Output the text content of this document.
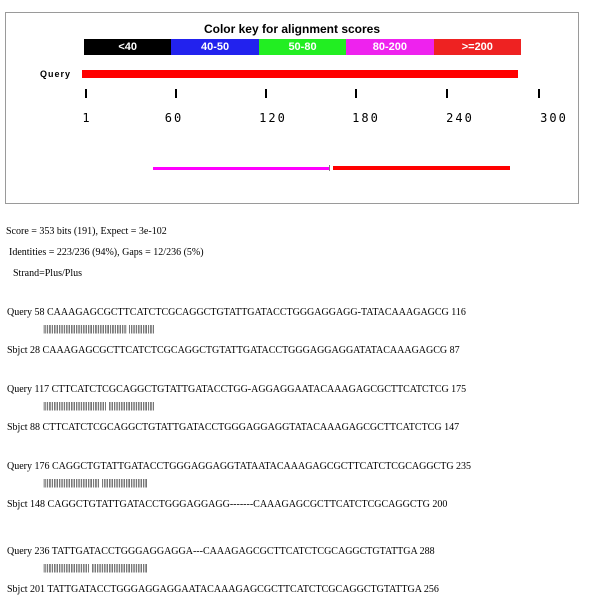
Color key for alignment scores
<40	40-50	50-80	80-200	>=200
Query
1	60	120	180	240	300
Score = 353 bits (191), Expect = 3e-102
Identities = 223/236 (94%), Gaps = 12/236 (5%)
Strand=Plus/Plus
Query 58 CAAAGAGCGCTTCATCTCGCAGGCTGTATTGATACCTGGGAGGAGG-TATACAAAGAGCG 116
||||||||||||||||||||||||||||||||||||||||||||||||| |||||||||||||||
Sbjct 28 CAAAGAGCGCTTCATCTCGCAGGCTGTATTGATACCTGGGAGGAGGATATACAAAGAGCG 87
Query 117 CTTCATCTCGCAGGCTGTATTGATACCTGG-AGGAGGAATACAAAGAGCGCTTCATCTCG 175
||||||||||||||||||||||||||||||||||||| |||||||||||||||||||||||||||
Sbjct 88 CTTCATCTCGCAGGCTGTATTGATACCTGGGAGGAGGTATACAAAGAGCGCTTCATCTCG 147
Query 176 CAGGCTGTATTGATACCTGGGAGGAGGTATAATACAAAGAGCGCTTCATCTCGCAGGCTG 235
||||||||||||||||||||||||||||||||| |||||||||||||||||||||||||||
Sbjct 148 CAGGCTGTATTGATACCTGGGAGGAGG-------CAAAGAGCGCTTCATCTCGCAGGCTG 200
Query 236 TATTGATACCTGGGAGGAGGA---CAAAGAGCGCTTCATCTCGCAGGCTGTATTGA 288
||||||||||||||||||||||||||| |||||||||||||||||||||||||||||||||
Sbjct 201 TATTGATACCTGGGAGGAGGAATACAAAGAGCGCTTCATCTCGCAGGCTGTATTGA 256
